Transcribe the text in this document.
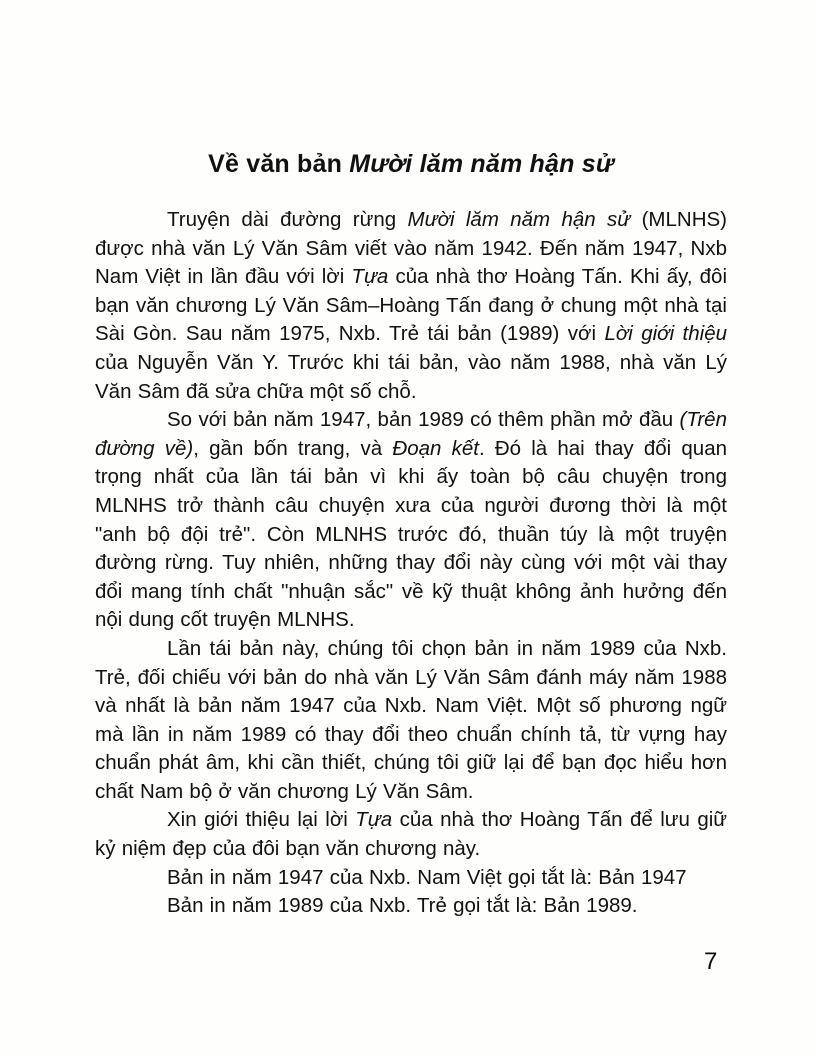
Về văn bản Mười lăm năm hận sử

Truyện dài đường rừng Mười lăm năm hận sử (MLNHS) được nhà văn Lý Văn Sâm viết vào năm 1942. Đến năm 1947, Nxb Nam Việt in lần đầu với lời Tựa của nhà thơ Hoàng Tấn. Khi ấy, đôi bạn văn chương Lý Văn Sâm–Hoàng Tấn đang ở chung một nhà tại Sài Gòn. Sau năm 1975, Nxb. Trẻ tái bản (1989) với Lời giới thiệu của Nguyễn Văn Y. Trước khi tái bản, vào năm 1988, nhà văn Lý Văn Sâm đã sửa chữa một số chỗ.

So với bản năm 1947, bản 1989 có thêm phần mở đầu (Trên đường về), gần bốn trang, và Đoạn kết. Đó là hai thay đổi quan trọng nhất của lần tái bản vì khi ấy toàn bộ câu chuyện trong MLNHS trở thành câu chuyện xưa của người đương thời là một "anh bộ đội trẻ". Còn MLNHS trước đó, thuần túy là một truyện đường rừng. Tuy nhiên, những thay đổi này cùng với một vài thay đổi mang tính chất "nhuận sắc" về kỹ thuật không ảnh hưởng đến nội dung cốt truyện MLNHS.

Lần tái bản này, chúng tôi chọn bản in năm 1989 của Nxb. Trẻ, đối chiếu với bản do nhà văn Lý Văn Sâm đánh máy năm 1988 và nhất là bản năm 1947 của Nxb. Nam Việt. Một số phương ngữ mà lần in năm 1989 có thay đổi theo chuẩn chính tả, từ vựng hay chuẩn phát âm, khi cần thiết, chúng tôi giữ lại để bạn đọc hiểu hơn chất Nam bộ ở văn chương Lý Văn Sâm.

Xin giới thiệu lại lời Tựa của nhà thơ Hoàng Tấn để lưu giữ kỷ niệm đẹp của đôi bạn văn chương này.

Bản in năm 1947 của Nxb. Nam Việt gọi tắt là: Bản 1947

Bản in năm 1989 của Nxb. Trẻ gọi tắt là: Bản 1989.

7
